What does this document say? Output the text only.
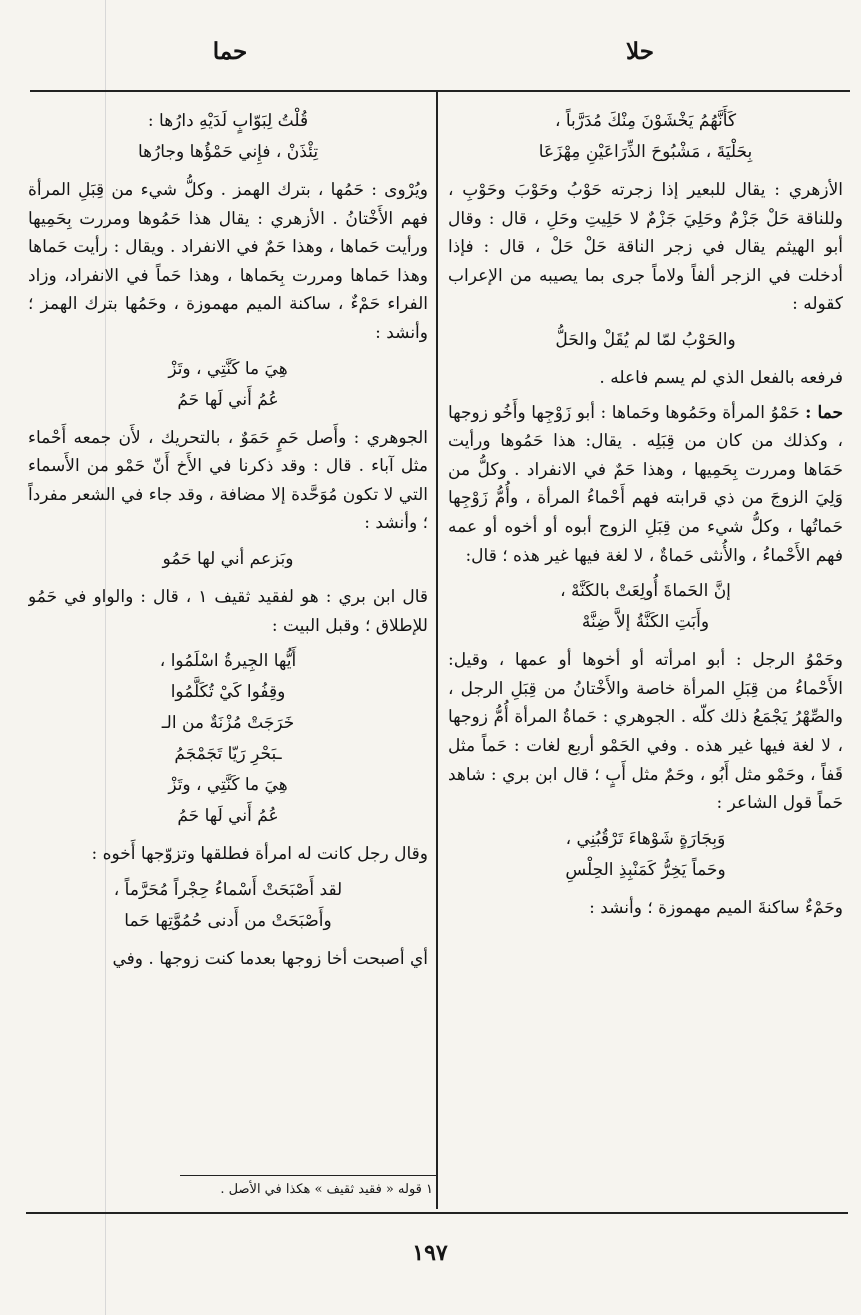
حلا
حما
كَأَنَّهُمُ يَخْشَوْنَ مِنْكَ مُدَرَّباً ،
بِحَلْيَةَ ، مَشْبُوحَ الذِّرَاعَيْنِ مِهْزَعَا

الأزهري : يقال للبعير إذا زجرته حَوْبُ وحَوْبَ وحَوْبِ ، وللناقة حَلْ جَزْمٌ وحَلِيَ جَزْمٌ لا حَلِيتِ وحَلِ ، قال : وقال أبو الهيثم يقال في زجر الناقة حَلْ حَلْ ، قال : فإذا أدخلت في الزجر ألفاً ولاماً جرى بما يصيبه من الإعراب كقوله :

والحَوْبُ لمّا لم يُقَلْ والحَلُّ

فرفعه بالفعل الذي لم يسم فاعله .

حما : حَمْوُ المرأة وحَمُوها وحَماها : أبو زَوْجِها وأَخُو زوجها ، وكذلك من كان من قِبَلِه . يقال: هذا حَمُوها ورأيت حَمَاها ومررت بِحَمِيها ، وهذا حَمٌ في الانفراد . وكلُّ من وَلِيَ الزوجَ من ذي قرابته فهم أَحْماءُ المرأة ، وأُمُّ زَوْجِها حَماتُها ، وكلُّ شيء من قِبَلِ الزوج أبوه أو أخوه أو عمه فهم الأَحْماءُ ، والأُنثى حَماةٌ ، لا لغة فيها غير هذه ؛ قال:

إنَّ الحَماةَ أُولِعَتْ بالكَنَّهْ ،
وأَبَتِ الكَنَّةُ إلاَّ ضِنَّهْ

وحَمْوُ الرجل : أبو امرأته أو أخوها أو عمها ، وقيل: الأَحْماءُ من قِبَلِ المرأة خاصة والأَخْتانُ من قِبَلِ الرجل ، والصِّهْرُ يَجْمَعُ ذلك كلّه . الجوهري : حَماةُ المرأة أُمُّ زوجها ، لا لغة فيها غير هذه . وفي الحَمْو أربع لغات : حَماً مثل قَفاً ، وحَمْو مثل أَبُو ، وحَمٌ مثل أَبٍ ؛ قال ابن بري : شاهد حَماً قول الشاعر :

وَبِجَارَةٍ شَوْهاءَ تَرْقُبُنِي ،
وحَماً يَخِرُّ كَمَنْبِذِ الحِلْسِ

وحَمْءٌ ساكنةَ الميم مهموزة ؛ وأنشد :

قُلْتُ لِبَوّابٍ لَدَيْهِ دارُها :
تِئْذَنْ ، فإِني حَمْؤُها وجارُها

ويُرْوى : حَمُها ، بترك الهمز . وكلُّ شيء من قِبَلِ المرأة فهم الأَخْتانُ . الأزهري : يقال هذا حَمُوها ومررت بِحَمِيها ورأيت حَماها ، وهذا حَمٌ في الانفراد . ويقال : رأيت حَماها وهذا حَماها ومررت بِحَماها ، وهذا حَماً في الانفراد، وزاد الفراء حَمْءٌ ، ساكنة الميم مهموزة ، وحَمُها بترك الهمز ؛ وأنشد :

هِيَ ما كَنَّتِي ، وتَزْ
عُمُ أَني لَها حَمُ

الجوهري : وأَصل حَمٍ حَمَوٌ ، بالتحريك ، لأَن جمعه أَحْماء مثل آباء . قال : وقد ذكرنا في الأَخ أَنّ حَمْو من الأَسماء التي لا تكون مُوَحَّدة إلا مضافة ، وقد جاء في الشعر مفرداً ؛ وأنشد :

وبَزعم أني لها حَمُو

قال ابن بري : هو لفقيد ثقيف ١ ، قال : والواو في حَمُو للإطلاق ؛ وقبل البيت :

أَيُّها الجِيرةُ اسْلَمُوا ،
وقِفُوا كَيْ تُكَلَّمُوا
خَرَجَتْ مُزْنَةٌ من الـ
ـبَحْرِ رَيّا تَجَمْجَمُ
هِيَ ما كَنَّتِي ، وتَزْ
عُمُ أَني لَها حَمُ

وقال رجل كانت له امرأة فطلقها وتزوّجها أَخوه :

لقد أَصْبَحَتْ أَسْماءُ حِجْراً مُحَرَّماً ،
وأَصْبَحَتْ من أَدنى حُمُوَّتِها حَما

أي أصبحت أخا زوجها بعدما كنت زوجها . وفي

١ قوله « فقيد ثقيف » هكذا في الأصل .
١٩٧
